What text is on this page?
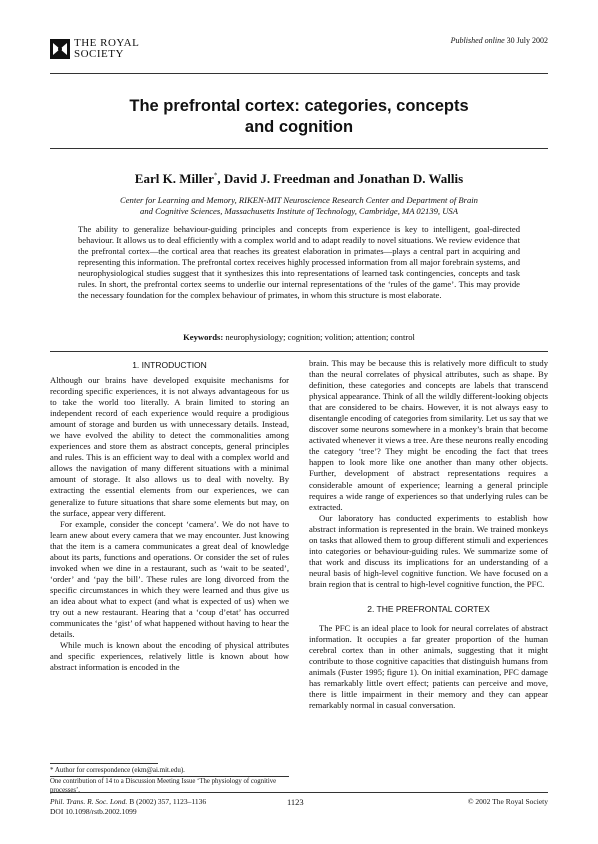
THE ROYAL
SOCIETY
Published online 30 July 2002
The prefrontal cortex: categories, concepts
and cognition
Earl K. Miller*, David J. Freedman and Jonathan D. Wallis
Center for Learning and Memory, RIKEN-MIT Neuroscience Research Center and Department of Brain
and Cognitive Sciences, Massachusetts Institute of Technology, Cambridge, MA 02139, USA

The ability to generalize behaviour-guiding principles and concepts from experience is key to intelligent, goal-directed behaviour. It allows us to deal efficiently with a complex world and to adapt readily to novel situations. We review evidence that the prefrontal cortex—the cortical area that reaches its greatest elaboration in primates—plays a central part in acquiring and representing this information. The prefrontal cortex receives highly processed information from all major forebrain systems, and neurophysiological studies suggest that it synthesizes this into representations of learned task contingencies, concepts and task rules. In short, the prefrontal cortex seems to underlie our internal representations of the ‘rules of the game’. This may provide the necessary foundation for the complex behaviour of primates, in whom this structure is most elaborate.

Keywords: neurophysiology; cognition; volition; attention; control
1. INTRODUCTION

Although our brains have developed exquisite mechanisms for recording specific experiences, it is not always advantageous for us to take the world too literally. A brain limited to storing an independent record of each experience would require a prodigious amount of storage and burden us with unnecessary details. Instead, we have evolved the ability to detect the commonalities among experiences and store them as abstract concepts, general principles and rules. This is an efficient way to deal with a complex world and allows the navigation of many different situations with a minimal amount of storage. It also allows us to deal with novelty. By extracting the essential elements from our experiences, we can generalize to future situations that share some elements but may, on the surface, appear very different.

For example, consider the concept ‘camera’. We do not have to learn anew about every camera that we may encounter. Just knowing that the item is a camera communicates a great deal of knowledge about its parts, functions and operations. Or consider the set of rules invoked when we dine in a restaurant, such as ‘wait to be seated’, ‘order’ and ‘pay the bill’. These rules are long divorced from the specific circumstances in which they were learned and thus give us an idea about what to expect (and what is expected of us) when we try out a new restaurant. Hearing that a ‘coup d’etat’ has occurred communicates the ‘gist’ of what happened without having to hear the details.

While much is known about the encoding of physical attributes and specific experiences, relatively little is known about how abstract information is encoded in the

* Author for correspondence (ekm@ai.mit.edu).
One contribution of 14 to a Discussion Meeting Issue ‘The physiology of cognitive processes’.

brain. This may be because this is relatively more difficult to study than the neural correlates of physical attributes, such as shape. By definition, these categories and concepts are labels that transcend physical appearance. Think of all the wildly different-looking objects that are considered to be chairs. However, it is not always easy to disentangle encoding of categories from similarity. Let us say that we discover some neurons somewhere in a monkey’s brain that become activated whenever it views a tree. Are these neurons really encoding the category ‘tree’? They might be encoding the fact that trees happen to look more like one another than many other objects. Further, development of abstract representations requires a considerable amount of experience; learning a general principle requires a wide range of experiences so that underlying rules can be extracted.

Our laboratory has conducted experiments to establish how abstract information is represented in the brain. We trained monkeys on tasks that allowed them to group different stimuli and experiences into categories or behaviour-guiding rules. We summarize some of that work and discuss its implications for an understanding of a neural basis of high-level cognitive function. We have focused on a brain region that is central to high-level cognitive function, the PFC.

2. THE PREFRONTAL CORTEX

The PFC is an ideal place to look for neural correlates of abstract information. It occupies a far greater proportion of the human cerebral cortex than in other animals, suggesting that it might contribute to those cognitive capacities that distinguish humans from animals (Fuster 1995; figure 1). On initial examination, PFC damage has remarkably little overt effect; patients can perceive and move, there is little impairment in their memory and they can appear remarkably normal in casual conversation.

Phil. Trans. R. Soc. Lond. B (2002) 357, 1123–1136
DOI 10.1098/rstb.2002.1099
1123	© 2002 The Royal Society
